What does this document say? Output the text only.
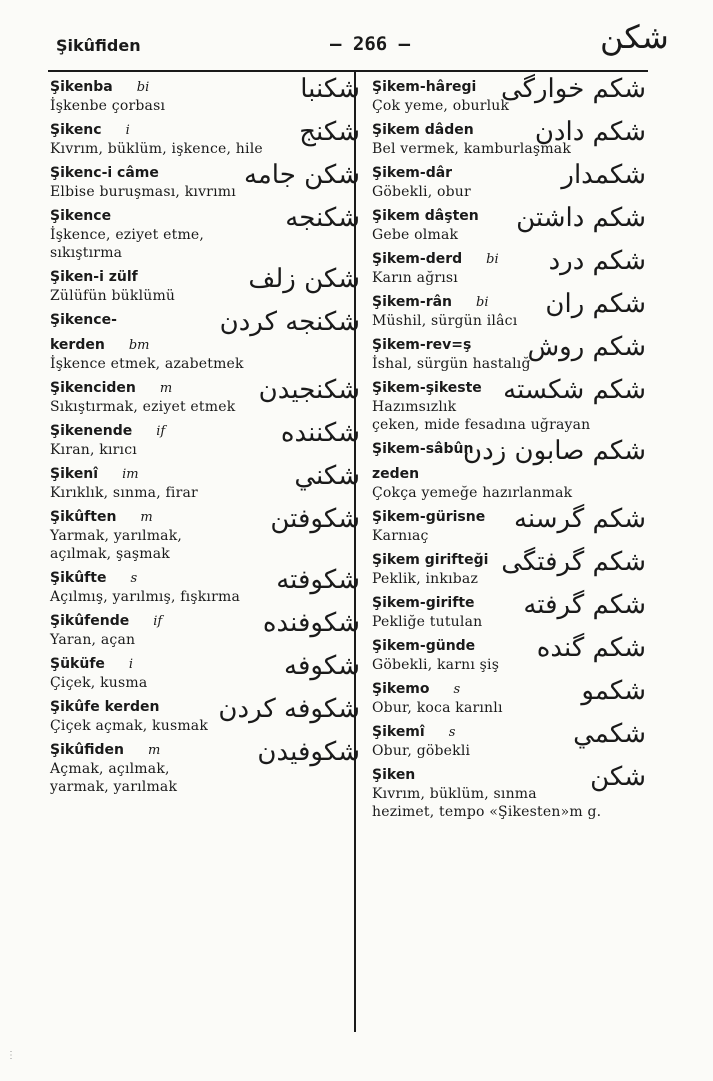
Şikûfiden	— 266 —	شكن
Şikenba bi
İşkenbe çorbası
شكنبا
Şikenc i
Kıvrım, büklüm, işkence, hile
شكنج
Şikenc-i câme
Elbise buruşması, kıvrımı
شكن جامه
Şikence
İşkence, eziyet etme,
sıkıştırma
شكنجه
Şiken-i zülf
Zülüfün büklümü
شكن زلف
Şikence-	شكنجه كردن
kerden bm
İşkence etmek, azabetmek
Şikenciden m
Sıkıştırmak, eziyet etmek
شكنجيدن
Şikenende if
Kıran, kırıcı
شكننده
Şikenî im
Kırıklık, sınma, firar
شكني
Şikûften m
Yarmak, yarılmak,
açılmak, şaşmak
شكوفتن
Şikûfte s
Açılmış, yarılmış, fışkırma
شكوفته
Şikûfende if
Yaran, açan
شكوفنده
Şüküfe i
Çiçek, kusma
شكوفه
Şikûfe kerden
Çiçek açmak, kusmak
شكوفه كردن
Şikûfiden m
Açmak, açılmak,
yarmak, yarılmak
شكوفيدن
Şikem-hâregi
Çok yeme, oburluk
شكم خوارگی
Şikem dâden
Bel vermek, kamburlaşmak
شكم دادن
Şikem-dâr
Göbekli, obur
شكمدار
Şikem dâşten
Gebe olmak
شكم داشتن
Şikem-derd bi
Karın ağrısı
شكم درد
Şikem-rân bi
Müshil, sürgün ilâcı
شكم ران
Şikem-rev=ş
İshal, sürgün hastalığ
شكم روش
Şikem-şikeste
Hazımsızlık
çeken, mide fesadına uğrayan
شكم شكسته
Şikem-sâbûn
شكم صابون زدن
zeden
Çokça yemeğe hazırlanmak
Şikem-gürisne
Karnıaç
شكم گرسنه
Şikem girifteği
Peklik, inkıbaz
شكم گرفتگی
Şikem-girifte
Pekliğe tutulan
شكم گرفته
Şikem-günde
Göbekli, karnı şiş
شكم گنده
Şikemo s
Obur, koca karınlı
شكمو
Şikemî s
Obur, göbekli
شكمي
Şiken
Kıvrım, büklüm, sınma
hezimet, tempo «Şikesten»m g.
شكن
⋮
